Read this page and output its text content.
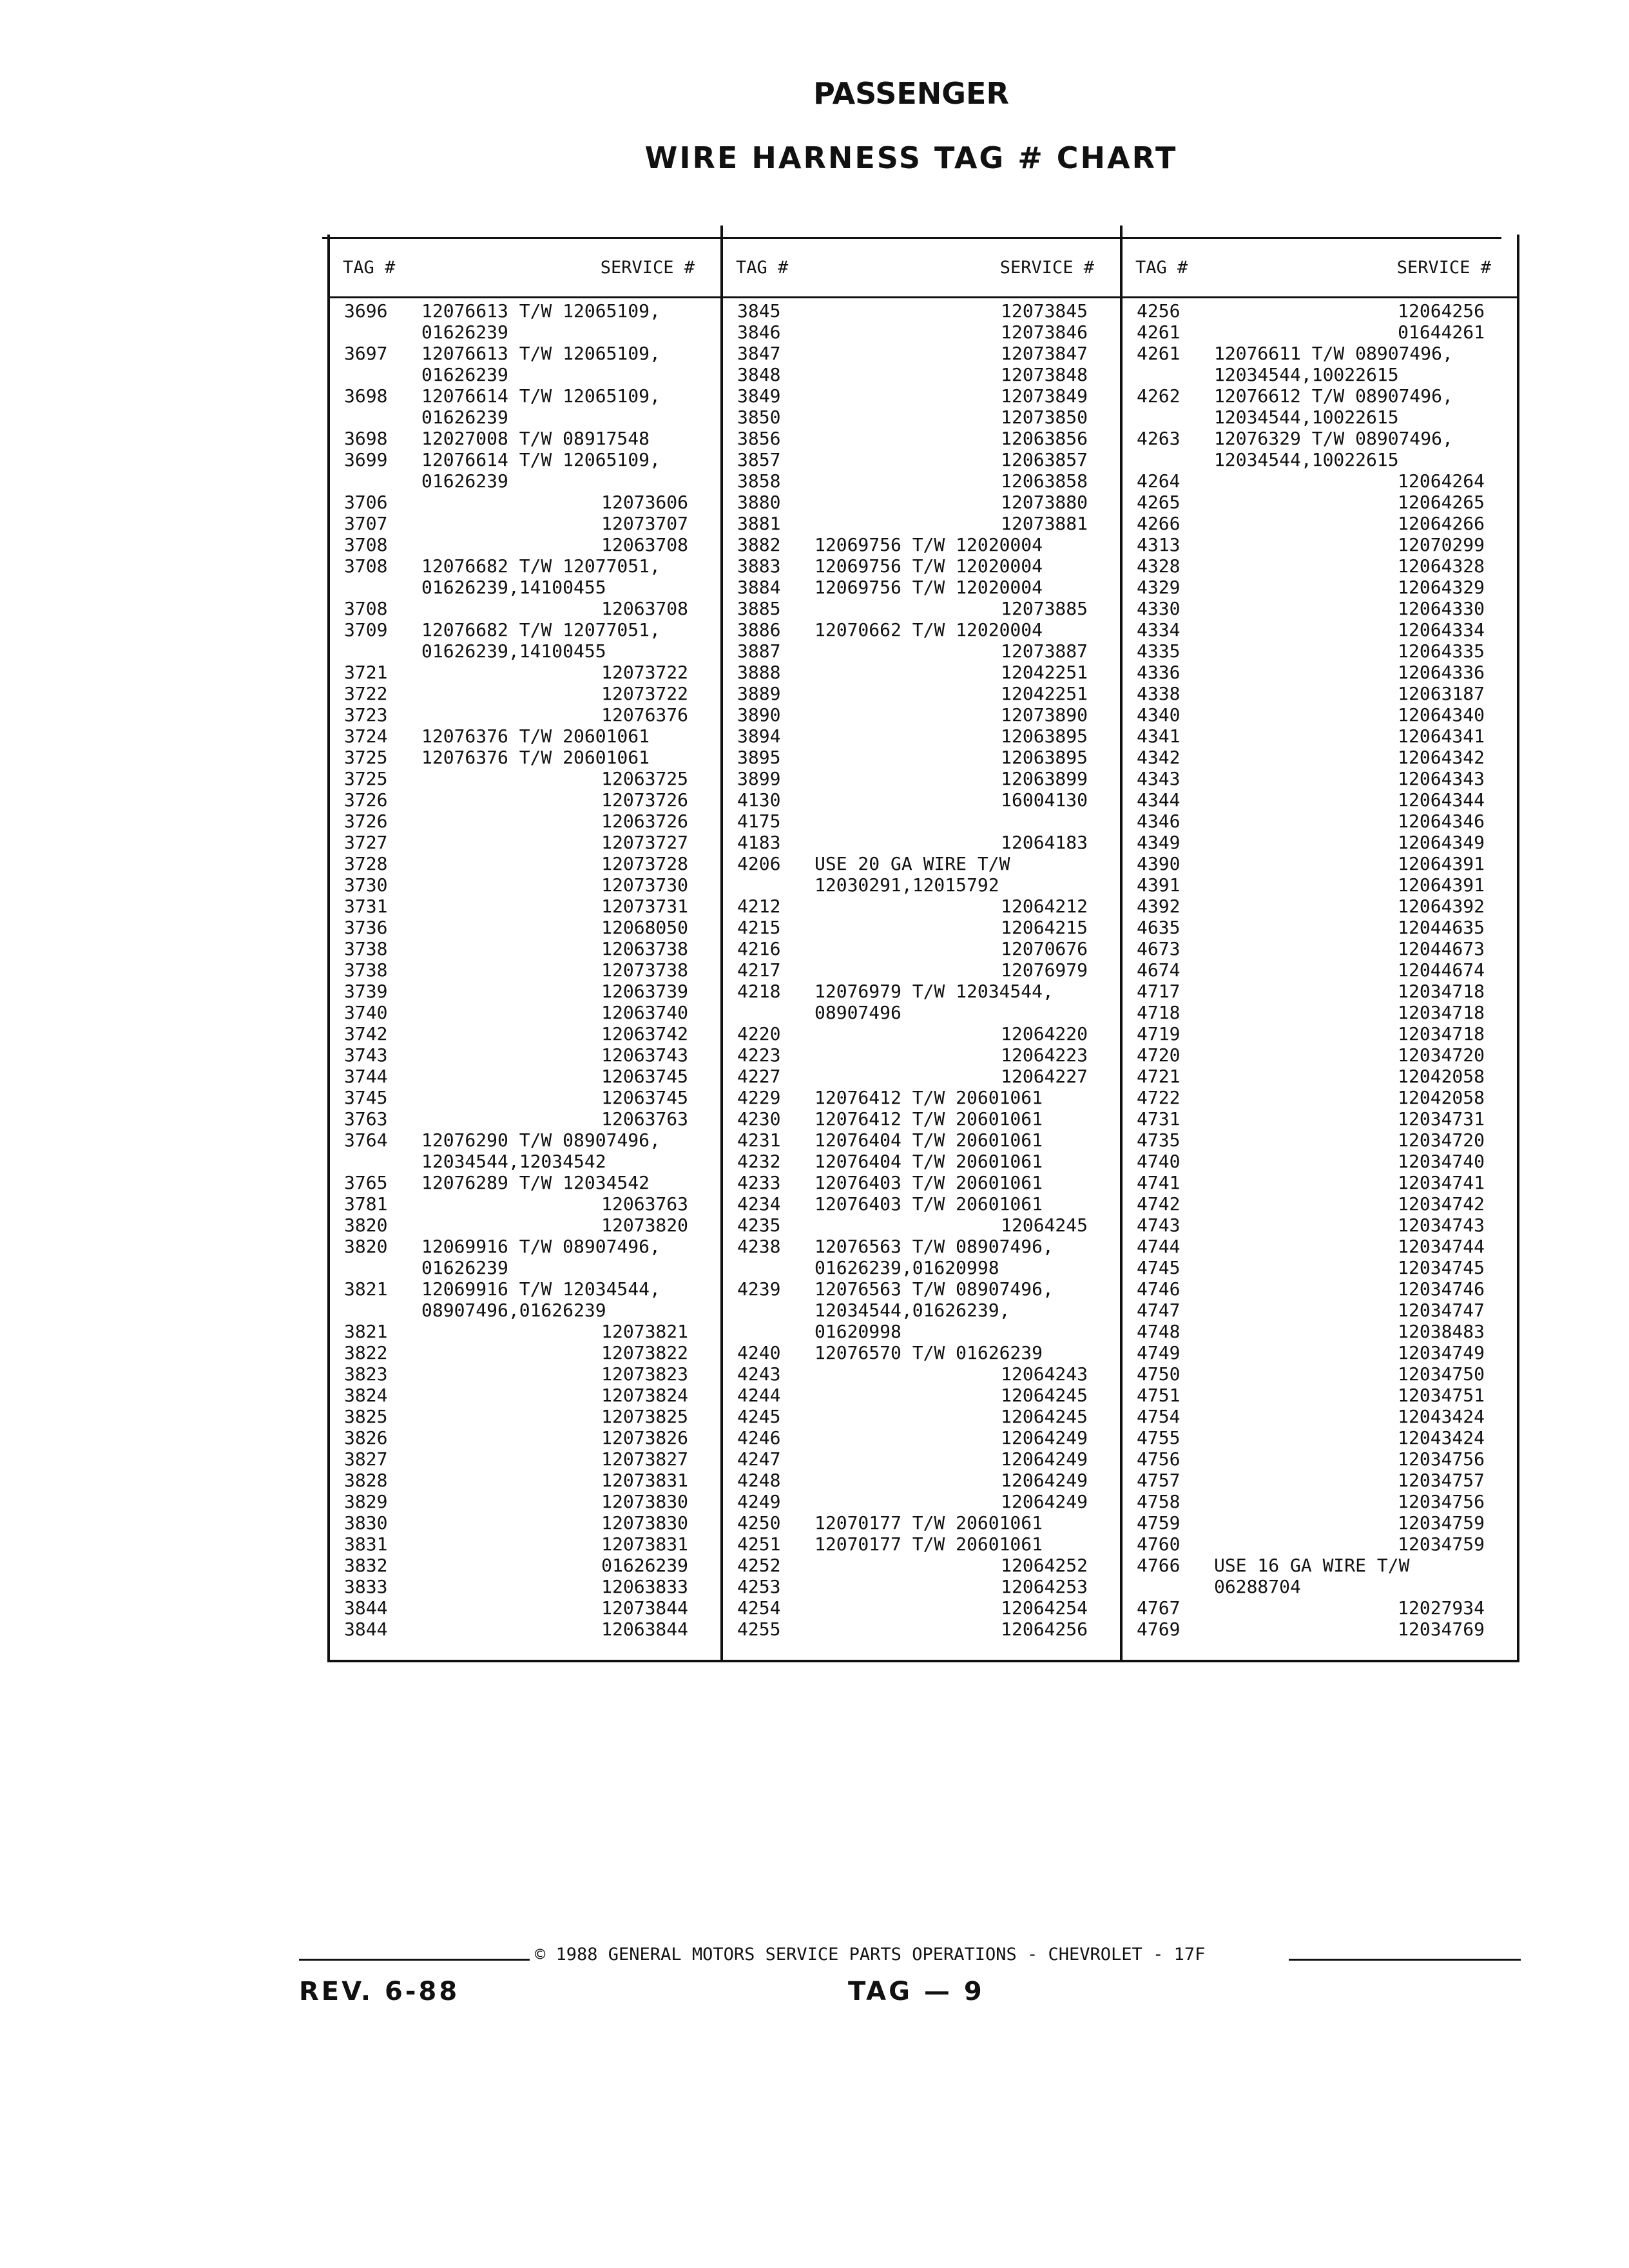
PASSENGER
WIRE HARNESS TAG # CHART
TAG #	SERVICE #
3696 12076613 T/W 12065109,
01626239
3697 12076613 T/W 12065109,
01626239
3698 12076614 T/W 12065109,
01626239
3698 12027008 T/W 08917548
3699 12076614 T/W 12065109,
01626239
3706	12073606
3707	12073707
3708	12063708
3708 12076682 T/W 12077051,
01626239,14100455
3708	12063708
3709 12076682 T/W 12077051,
01626239,14100455
3721	12073722
3722	12073722
3723	12076376
3724 12076376 T/W 20601061
3725 12076376 T/W 20601061
3725	12063725
3726	12073726
3726	12063726
3727	12073727
3728	12073728
3730	12073730
3731	12073731
3736	12068050
3738	12063738
3738	12073738
3739	12063739
3740	12063740
3742	12063742
3743	12063743
3744	12063745
3745	12063745
3763	12063763
3764 12076290 T/W 08907496,
12034544,12034542
3765 12076289 T/W 12034542
3781	12063763
3820	12073820
3820 12069916 T/W 08907496,
01626239
3821 12069916 T/W 12034544,
08907496,01626239
3821	12073821
3822	12073822
3823	12073823
3824	12073824
3825	12073825
3826	12073826
3827	12073827
3828	12073831
3829	12073830
3830	12073830
3831	12073831
3832	01626239
3833	12063833
3844	12073844
3844	12063844
TAG #	SERVICE #
3845	12073845
3846	12073846
3847	12073847
3848	12073848
3849	12073849
3850	12073850
3856	12063856
3857	12063857
3858	12063858
3880	12073880
3881	12073881
3882 12069756 T/W 12020004
3883 12069756 T/W 12020004
3884 12069756 T/W 12020004
3885	12073885
3886 12070662 T/W 12020004
3887	12073887
3888	12042251
3889	12042251
3890	12073890
3894	12063895
3895	12063895
3899	12063899
4130	16004130
4175
4183	12064183
4206 USE 20 GA WIRE T/W
12030291,12015792
4212	12064212
4215	12064215
4216	12070676
4217	12076979
4218 12076979 T/W 12034544,
08907496
4220	12064220
4223	12064223
4227	12064227
4229 12076412 T/W 20601061
4230 12076412 T/W 20601061
4231 12076404 T/W 20601061
4232 12076404 T/W 20601061
4233 12076403 T/W 20601061
4234 12076403 T/W 20601061
4235	12064245
4238 12076563 T/W 08907496,
01626239,01620998
4239 12076563 T/W 08907496,
12034544,01626239,
01620998
4240 12076570 T/W 01626239
4243	12064243
4244	12064245
4245	12064245
4246	12064249
4247	12064249
4248	12064249
4249	12064249
4250 12070177 T/W 20601061
4251 12070177 T/W 20601061
4252	12064252
4253	12064253
4254	12064254
4255	12064256
TAG #	SERVICE #
4256	12064256
4261	01644261
4261 12076611 T/W 08907496,
12034544,10022615
4262 12076612 T/W 08907496,
12034544,10022615
4263 12076329 T/W 08907496,
12034544,10022615
4264	12064264
4265	12064265
4266	12064266
4313	12070299
4328	12064328
4329	12064329
4330	12064330
4334	12064334
4335	12064335
4336	12064336
4338	12063187
4340	12064340
4341	12064341
4342	12064342
4343	12064343
4344	12064344
4346	12064346
4349	12064349
4390	12064391
4391	12064391
4392	12064392
4635	12044635
4673	12044673
4674	12044674
4717	12034718
4718	12034718
4719	12034718
4720	12034720
4721	12042058
4722	12042058
4731	12034731
4735	12034720
4740	12034740
4741	12034741
4742	12034742
4743	12034743
4744	12034744
4745	12034745
4746	12034746
4747	12034747
4748	12038483
4749	12034749
4750	12034750
4751	12034751
4754	12043424
4755	12043424
4756	12034756
4757	12034757
4758	12034756
4759	12034759
4760	12034759
4766 USE 16 GA WIRE T/W
06288704
4767	12027934
4769	12034769
© 1988 GENERAL MOTORS SERVICE PARTS OPERATIONS - CHEVROLET - 17F
REV. 6-88	TAG — 9
